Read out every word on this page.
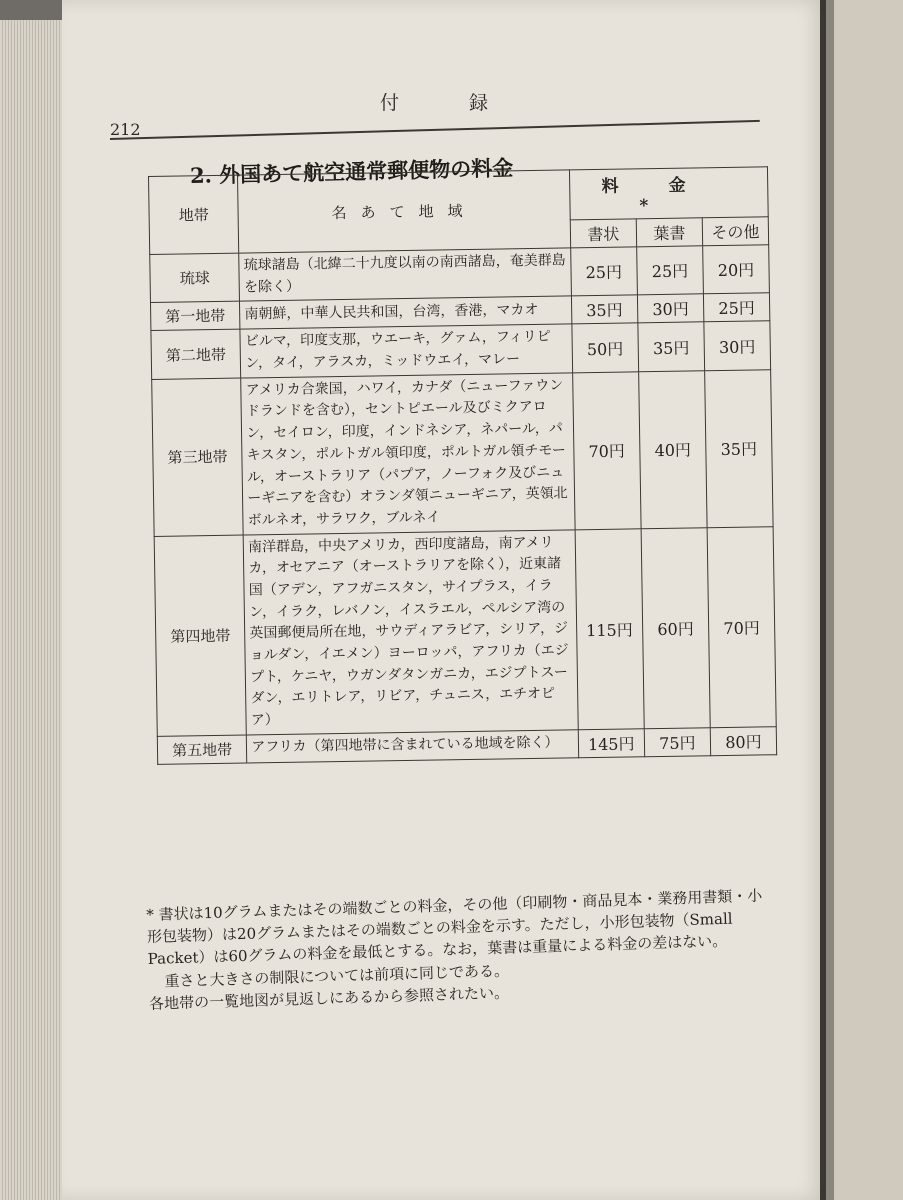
212
付録
2. 外国あて航空通常郵便物の料金
地帯	名あて地域	料金*		
		書状	葉書	その他
琉球	琉球諸島（北緯二十九度以南の南西諸島，奄美群島を除く）	25円	25円	20円
第一地帯	南朝鮮，中華人民共和国，台湾，香港，マカオ	35円	30円	25円
第二地帯	ビルマ，印度支那，ウエーキ，グァム，フィリピン，タイ，アラスカ，ミッドウエイ，マレー	50円	35円	30円
第三地帯	アメリカ合衆国，ハワイ，カナダ（ニューファウンドランドを含む），セントピエール及びミクアロン，セイロン，印度，インドネシア，ネパール，パキスタン，ポルトガル領印度，ポルトガル領チモール，オーストラリア（パプア，ノーフォク及びニューギニアを含む）オランダ領ニューギニア，英領北ボルネオ，サラワク，ブルネイ	70円	40円	35円
第四地帯	南洋群島，中央アメリカ，西印度諸島，南アメリカ，オセアニア（オーストラリアを除く），近東諸国（アデン，アフガニスタン，サイプラス，イラン，イラク，レバノン，イスラエル，ペルシア湾の英国郵便局所在地，サウディアラビア，シリア，ジョルダン，イエメン）ヨーロッパ，アフリカ（エジプト，ケニヤ，ウガンダタンガニカ，エジプトスーダン，エリトレア，リビア，チュニス，エチオピア）	115円	60円	70円
第五地帯	アフリカ（第四地帯に含まれている地域を除く）	145円	75円	80円

* 書状は10グラムまたはその端数ごとの料金，その他（印刷物・商品見本・業務用書類・小形包装物）は20グラムまたはその端数ごとの料金を示す。ただし，小形包装物（Small Packet）は60グラムの料金を最低とする。なお，葉書は重量による料金の差はない。

重さと大きさの制限については前項に同じである。

各地帯の一覧地図が見返しにあるから参照されたい。
